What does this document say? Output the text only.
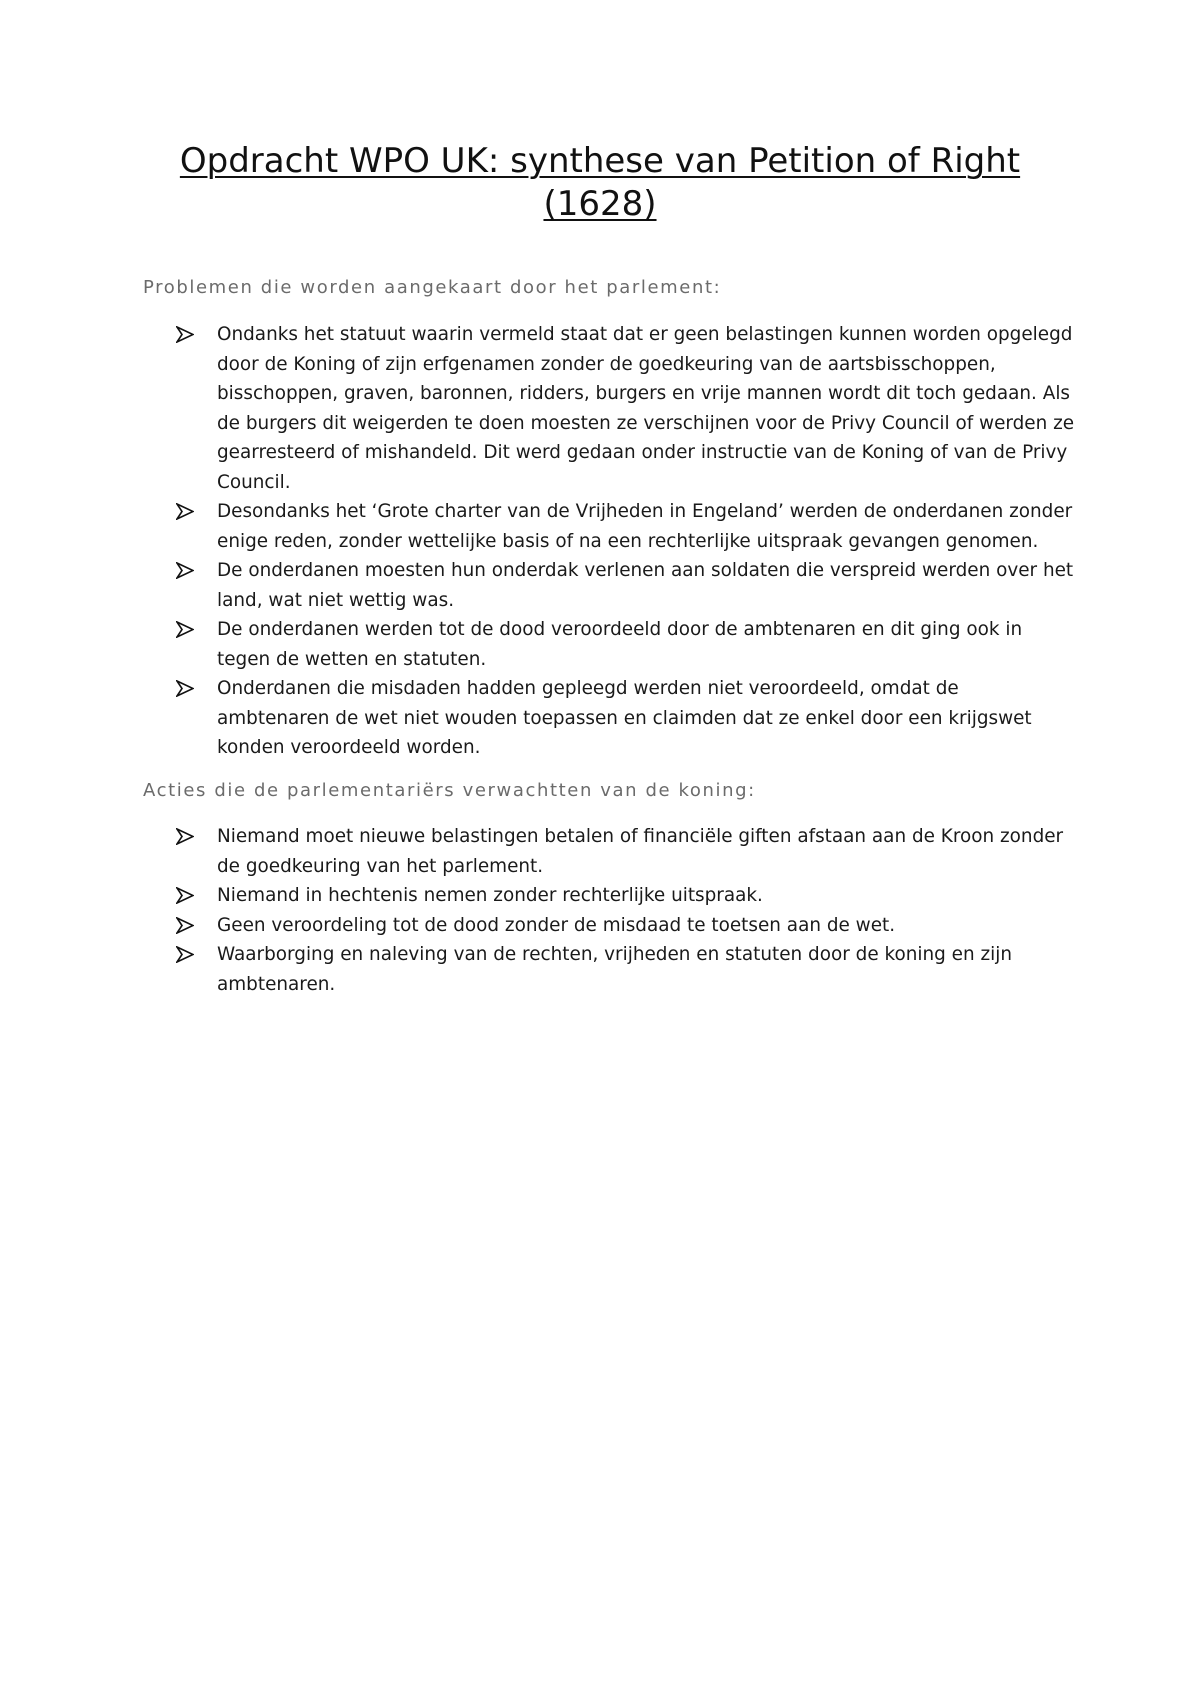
Opdracht WPO UK: synthese van Petition of Right (1628)
Problemen die worden aangekaart door het parlement:
Ondanks het statuut waarin vermeld staat dat er geen belastingen kunnen worden opgelegd door de Koning of zijn erfgenamen zonder de goedkeuring van de aartsbisschoppen, bisschoppen, graven, baronnen, ridders, burgers en vrije mannen wordt dit toch gedaan. Als de burgers dit weigerden te doen moesten ze verschijnen voor de Privy Council of werden ze gearresteerd of mishandeld. Dit werd gedaan onder instructie van de Koning of van de Privy Council.
Desondanks het ‘Grote charter van de Vrijheden in Engeland’ werden de onderdanen zonder enige reden, zonder wettelijke basis of na een rechterlijke uitspraak gevangen genomen.
De onderdanen moesten hun onderdak verlenen aan soldaten die verspreid werden over het land, wat niet wettig was.
De onderdanen werden tot de dood veroordeeld door de ambtenaren en dit ging ook in tegen de wetten en statuten.
Onderdanen die misdaden hadden gepleegd werden niet veroordeeld, omdat de ambtenaren de wet niet wouden toepassen en claimden dat ze enkel door een krijgswet konden veroordeeld worden.
Acties die de parlementariërs verwachtten van de koning:
Niemand moet nieuwe belastingen betalen of financiële giften afstaan aan de Kroon zonder de goedkeuring van het parlement.
Niemand in hechtenis nemen zonder rechterlijke uitspraak.
Geen veroordeling tot de dood zonder de misdaad te toetsen aan de wet.
Waarborging en naleving van de rechten, vrijheden en statuten door de koning en zijn ambtenaren.
